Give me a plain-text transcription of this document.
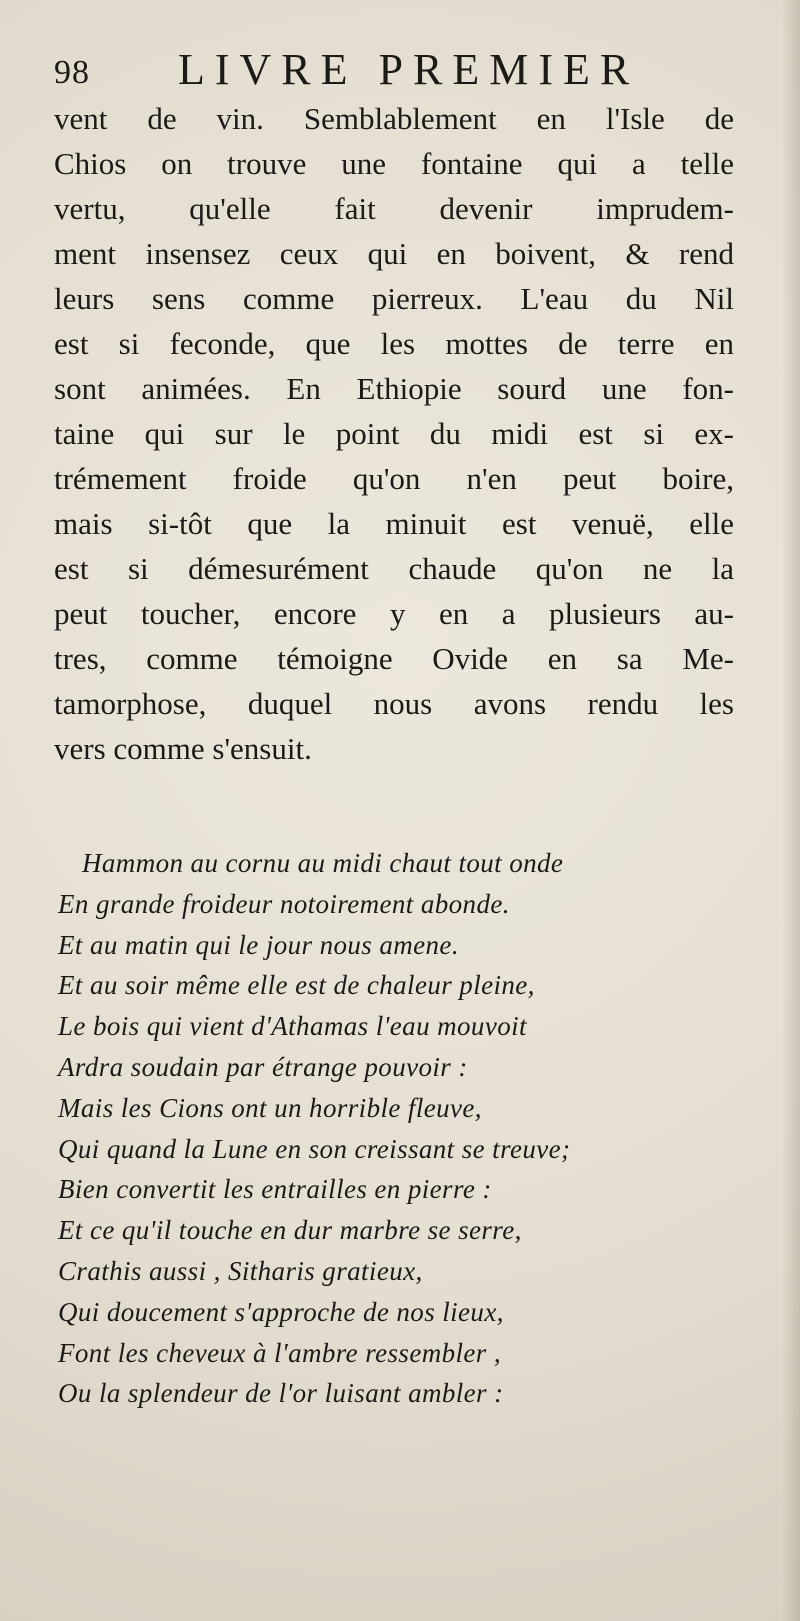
98 LIVRE PREMIER
vent de vin. Semblablement en l'Isle de
Chios on trouve une fontaine qui a telle
vertu, qu'elle fait devenir imprudem-
ment insensez ceux qui en boivent, & rend
leurs sens comme pierreux. L'eau du Nil
est si feconde, que les mottes de terre en
sont animées. En Ethiopie sourd une fon-
taine qui sur le point du midi est si ex-
trémement froide qu'on n'en peut boire,
mais si-tôt que la minuit est venuë, elle
est si démesurément chaude qu'on ne la
peut toucher, encore y en a plusieurs au-
tres, comme témoigne Ovide en sa Me-
tamorphose, duquel nous avons rendu les
vers comme s'ensuit.
Hammon au cornu au midi chaut tout onde
En grande froideur notoirement abonde.
Et au matin qui le jour nous amene.
Et au soir même elle est de chaleur pleine,
Le bois qui vient d'Athamas l'eau mouvoit
Ardra soudain par étrange pouvoir :
Mais les Cions ont un horrible fleuve,
Qui quand la Lune en son creissant se treuve;
Bien convertit les entrailles en pierre :
Et ce qu'il touche en dur marbre se serre,
Crathis aussi , Sitharis gratieux,
Qui doucement s'approche de nos lieux,
Font les cheveux à l'ambre ressembler ,
Ou la splendeur de l'or luisant ambler :
